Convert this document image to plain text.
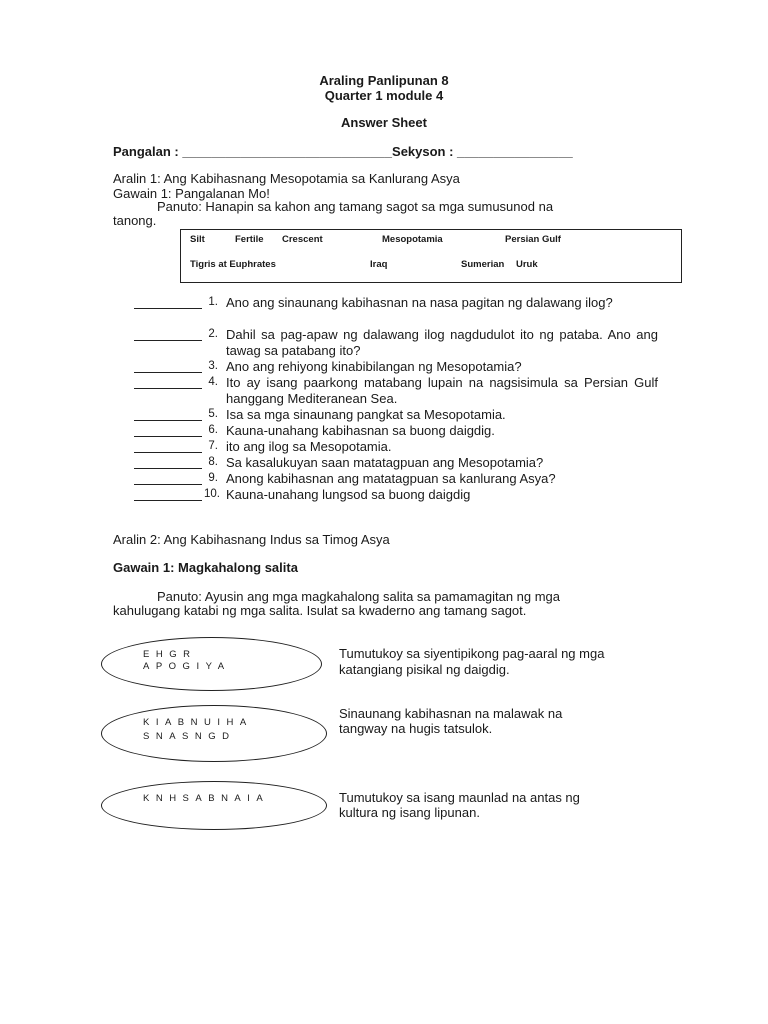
Araling Panlipunan 8
Quarter 1 module 4
Answer Sheet
Pangalan : _____________________________Sekyson : ________________
Aralin 1: Ang Kabihasnang Mesopotamia sa Kanlurang Asya
Gawain 1: Pangalanan Mo!
Panuto: Hanapin sa kahon ang tamang sagot sa mga sumusunod na
tanong.
Silt	Fertile Crescent	Mesopotamia	Persian Gulf
Tigris at Euphrates	Iraq	Sumerian Uruk
1. Ano ang sinaunang kabihasnan na nasa pagitan ng dalawang ilog?
2. Dahil sa pag-apaw ng dalawang ilog nagdudulot ito ng pataba. Ano ang tawag sa patabang ito?
3. Ano ang rehiyong kinabibilangan ng Mesopotamia?
4. Ito ay isang paarkong matabang lupain na nagsisimula sa Persian Gulf hanggang Mediteranean Sea.
5. Isa sa mga sinaunang pangkat sa Mesopotamia.
6. Kauna-unahang kabihasnan sa buong daigdig.
7. ito ang ilog sa Mesopotamia.
8. Sa kasalukuyan saan matatagpuan ang Mesopotamia?
9. Anong kabihasnan ang matatagpuan sa kanlurang Asya?
10. Kauna-unahang lungsod sa buong daigdig
Aralin 2: Ang Kabihasnang Indus sa Timog Asya
Gawain 1: Magkahalong salita
Panuto: Ayusin ang mga magkahalong salita sa pamamagitan ng mga
kahulugang katabi ng mga salita. Isulat sa kwaderno ang tamang sagot.
EHGR
APOGIYA
Tumutukoy sa siyentipikong pag-aaral ng mga
katangiang pisikal ng daigdig.
KIABNUIHA
SNASNGD
Sinaunang kabihasnan na malawak na
tangway na hugis tatsulok.
KNHSABNAIA	Tumutukoy sa isang maunlad na antas ng
kultura ng isang lipunan.
